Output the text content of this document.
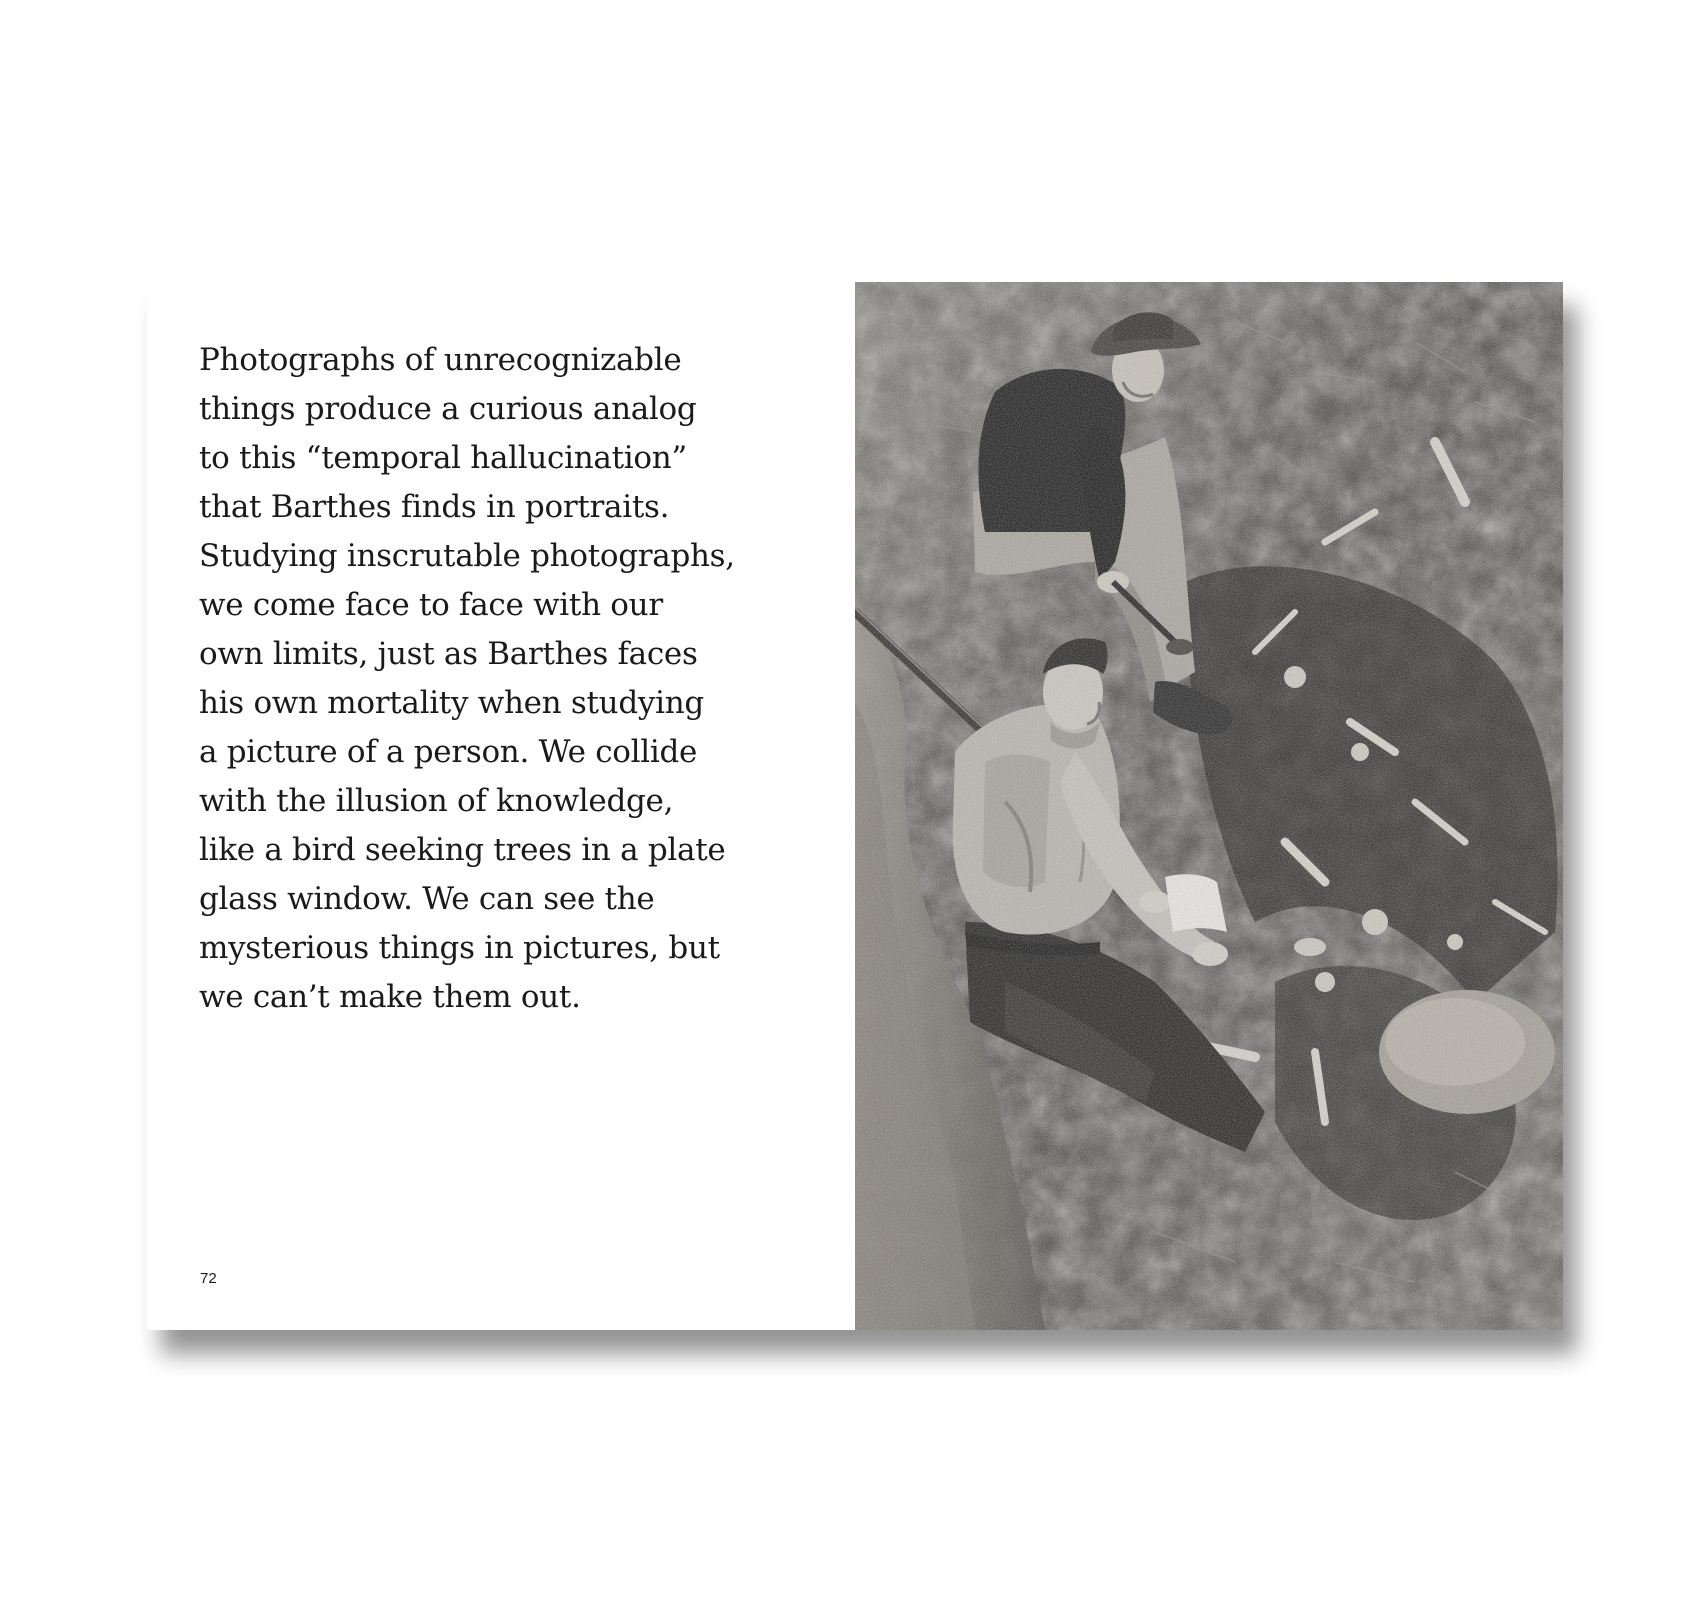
Photographs of unrecognizable
things produce a curious analog
to this “temporal hallucination”
that Barthes finds in portraits.
Studying inscrutable photographs,
we come face to face with our
own limits, just as Barthes faces
his own mortality when studying
a picture of a person. We collide
with the illusion of knowledge,
like a bird seeking trees in a plate
glass window. We can see the
mysterious things in pictures, but
we can’t make them out.

72
